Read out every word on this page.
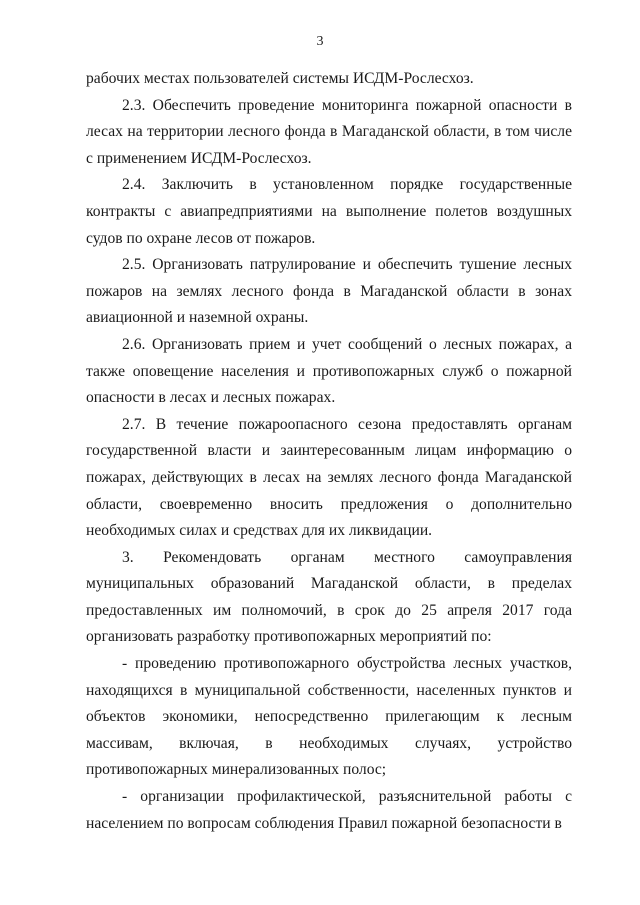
3

рабочих местах пользователей системы ИСДМ-Рослесхоз.

2.3. Обеспечить проведение мониторинга пожарной опасности в лесах на территории лесного фонда в Магаданской области, в том числе с применением ИСДМ-Рослесхоз.

2.4. Заключить в установленном порядке государственные контракты с авиапредприятиями на выполнение полетов воздушных судов по охране лесов от пожаров.

2.5. Организовать патрулирование и обеспечить тушение лесных пожаров на землях лесного фонда в Магаданской области в зонах авиационной и наземной охраны.

2.6. Организовать прием и учет сообщений о лесных пожарах, а также оповещение населения и противопожарных служб о пожарной опасности в лесах и лесных пожарах.

2.7. В течение пожароопасного сезона предоставлять органам государственной власти и заинтересованным лицам информацию о пожарах, действующих в лесах на землях лесного фонда Магаданской области, своевременно вносить предложения о дополнительно необходимых силах и средствах для их ликвидации.

3. Рекомендовать органам местного самоуправления муниципальных образований Магаданской области, в пределах предоставленных им полномочий, в срок до 25 апреля 2017 года организовать разработку противопожарных мероприятий по:

- проведению противопожарного обустройства лесных участков, находящихся в муниципальной собственности, населенных пунктов и объектов экономики, непосредственно прилегающим к лесным массивам, включая, в необходимых случаях, устройство противопожарных минерализованных полос;

- организации профилактической, разъяснительной работы с населением по вопросам соблюдения Правил пожарной безопасности в
